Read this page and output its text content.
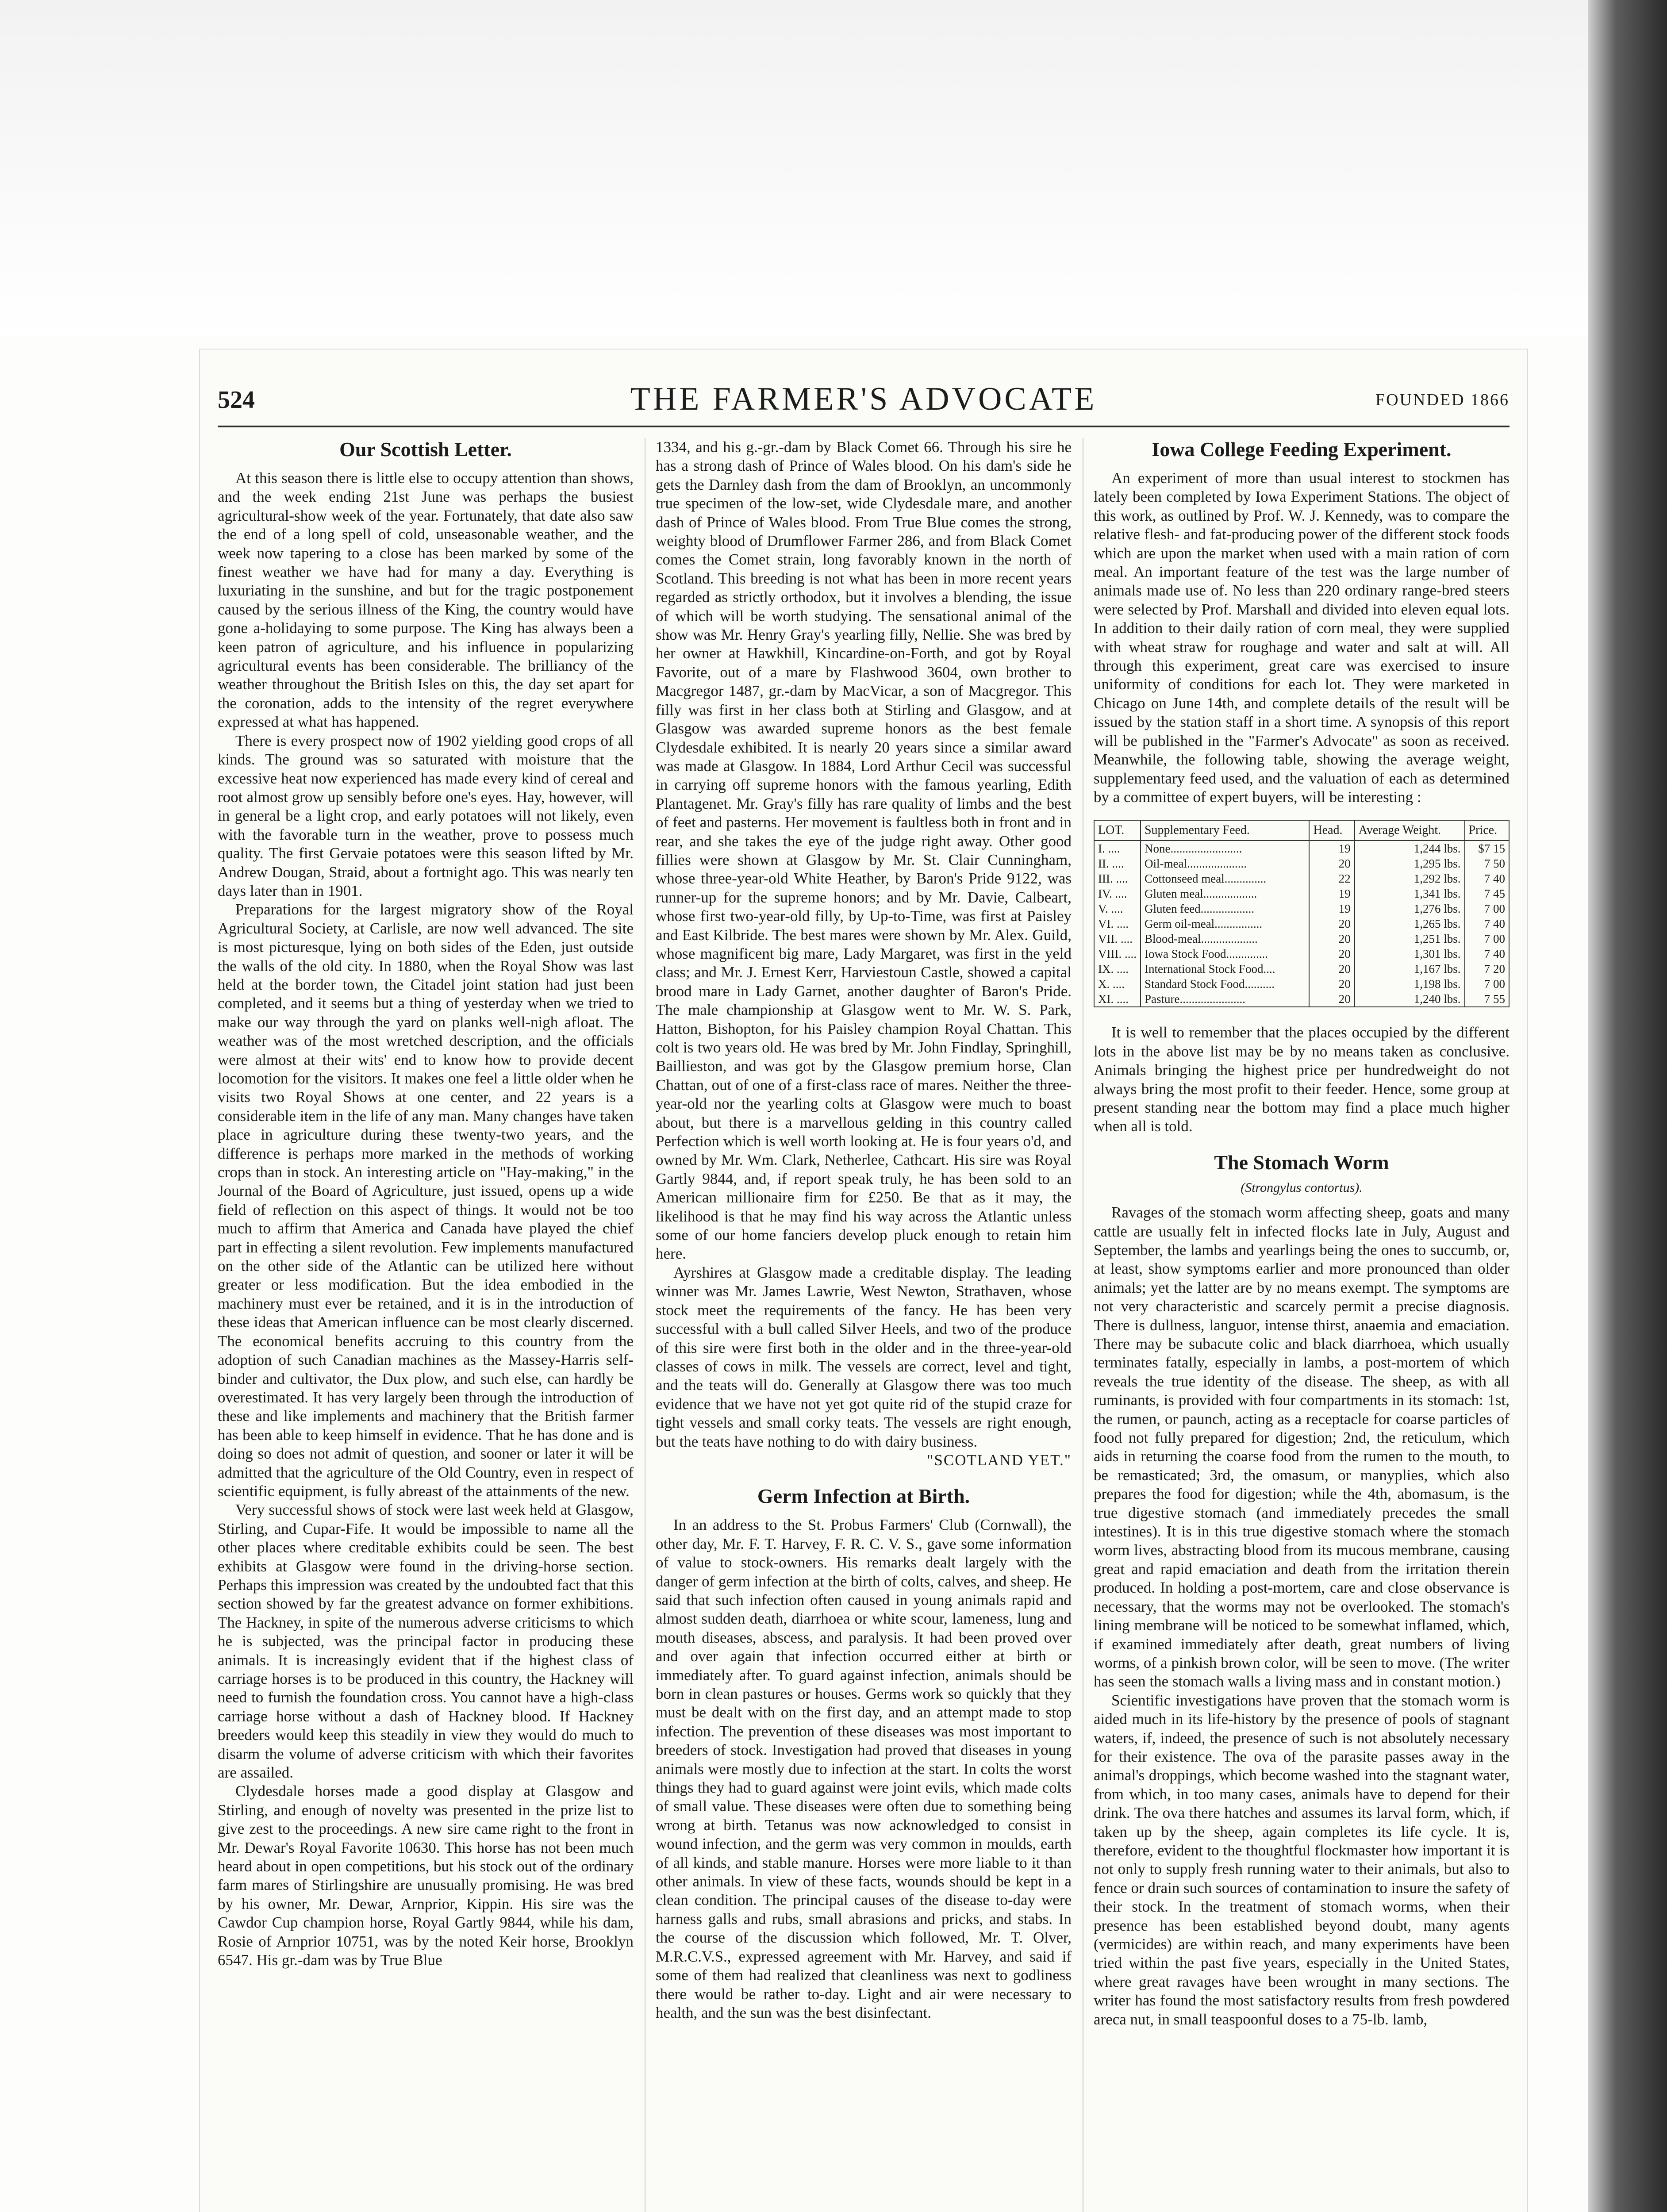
524	THE FARMER'S ADVOCATE	FOUNDED 1866
Our Scottish Letter.

At this season there is little else to occupy attention than shows, and the week ending 21st June was perhaps the busiest agricultural-show week of the year. Fortunately, that date also saw the end of a long spell of cold, unseasonable weather, and the week now tapering to a close has been marked by some of the finest weather we have had for many a day. Everything is luxuriating in the sunshine, and but for the tragic postponement caused by the serious illness of the King, the country would have gone a-holidaying to some purpose. The King has always been a keen patron of agriculture, and his influence in popularizing agricultural events has been considerable. The brilliancy of the weather throughout the British Isles on this, the day set apart for the coronation, adds to the intensity of the regret everywhere expressed at what has happened.

There is every prospect now of 1902 yielding good crops of all kinds. The ground was so saturated with moisture that the excessive heat now experienced has made every kind of cereal and root almost grow up sensibly before one's eyes. Hay, however, will in general be a light crop, and early potatoes will not likely, even with the favorable turn in the weather, prove to possess much quality. The first Gervaie potatoes were this season lifted by Mr. Andrew Dougan, Straid, about a fortnight ago. This was nearly ten days later than in 1901.

Preparations for the largest migratory show of the Royal Agricultural Society, at Carlisle, are now well advanced. The site is most picturesque, lying on both sides of the Eden, just outside the walls of the old city. In 1880, when the Royal Show was last held at the border town, the Citadel joint station had just been completed, and it seems but a thing of yesterday when we tried to make our way through the yard on planks well-nigh afloat. The weather was of the most wretched description, and the officials were almost at their wits' end to know how to provide decent locomotion for the visitors. It makes one feel a little older when he visits two Royal Shows at one center, and 22 years is a considerable item in the life of any man. Many changes have taken place in agriculture during these twenty-two years, and the difference is perhaps more marked in the methods of working crops than in stock. An interesting article on "Hay-making," in the Journal of the Board of Agriculture, just issued, opens up a wide field of reflection on this aspect of things. It would not be too much to affirm that America and Canada have played the chief part in effecting a silent revolution. Few implements manufactured on the other side of the Atlantic can be utilized here without greater or less modification. But the idea embodied in the machinery must ever be retained, and it is in the introduction of these ideas that American influence can be most clearly discerned. The economical benefits accruing to this country from the adoption of such Canadian machines as the Massey-Harris self-binder and cultivator, the Dux plow, and such else, can hardly be overestimated. It has very largely been through the introduction of these and like implements and machinery that the British farmer has been able to keep himself in evidence. That he has done and is doing so does not admit of question, and sooner or later it will be admitted that the agriculture of the Old Country, even in respect of scientific equipment, is fully abreast of the attainments of the new.

Very successful shows of stock were last week held at Glasgow, Stirling, and Cupar-Fife. It would be impossible to name all the other places where creditable exhibits could be seen. The best exhibits at Glasgow were found in the driving-horse section. Perhaps this impression was created by the undoubted fact that this section showed by far the greatest advance on former exhibitions. The Hackney, in spite of the numerous adverse criticisms to which he is subjected, was the principal factor in producing these animals. It is increasingly evident that if the highest class of carriage horses is to be produced in this country, the Hackney will need to furnish the foundation cross. You cannot have a high-class carriage horse without a dash of Hackney blood. If Hackney breeders would keep this steadily in view they would do much to disarm the volume of adverse criticism with which their favorites are assailed.

Clydesdale horses made a good display at Glasgow and Stirling, and enough of novelty was presented in the prize list to give zest to the proceedings. A new sire came right to the front in Mr. Dewar's Royal Favorite 10630. This horse has not been much heard about in open competitions, but his stock out of the ordinary farm mares of Stirlingshire are unusually promising. He was bred by his owner, Mr. Dewar, Arnprior, Kippin. His sire was the Cawdor Cup champion horse, Royal Gartly 9844, while his dam, Rosie of Arnprior 10751, was by the noted Keir horse, Brooklyn 6547. His gr.-dam was by True Blue

1334, and his g.-gr.-dam by Black Comet 66. Through his sire he has a strong dash of Prince of Wales blood. On his dam's side he gets the Darnley dash from the dam of Brooklyn, an uncommonly true specimen of the low-set, wide Clydesdale mare, and another dash of Prince of Wales blood. From True Blue comes the strong, weighty blood of Drumflower Farmer 286, and from Black Comet comes the Comet strain, long favorably known in the north of Scotland. This breeding is not what has been in more recent years regarded as strictly orthodox, but it involves a blending, the issue of which will be worth studying. The sensational animal of the show was Mr. Henry Gray's yearling filly, Nellie. She was bred by her owner at Hawkhill, Kincardine-on-Forth, and got by Royal Favorite, out of a mare by Flashwood 3604, own brother to Macgregor 1487, gr.-dam by MacVicar, a son of Macgregor. This filly was first in her class both at Stirling and Glasgow, and at Glasgow was awarded supreme honors as the best female Clydesdale exhibited. It is nearly 20 years since a similar award was made at Glasgow. In 1884, Lord Arthur Cecil was successful in carrying off supreme honors with the famous yearling, Edith Plantagenet. Mr. Gray's filly has rare quality of limbs and the best of feet and pasterns. Her movement is faultless both in front and in rear, and she takes the eye of the judge right away. Other good fillies were shown at Glasgow by Mr. St. Clair Cunningham, whose three-year-old White Heather, by Baron's Pride 9122, was runner-up for the supreme honors; and by Mr. Davie, Calbeart, whose first two-year-old filly, by Up-to-Time, was first at Paisley and East Kilbride. The best mares were shown by Mr. Alex. Guild, whose magnificent big mare, Lady Margaret, was first in the yeld class; and Mr. J. Ernest Kerr, Harviestoun Castle, showed a capital brood mare in Lady Garnet, another daughter of Baron's Pride. The male championship at Glasgow went to Mr. W. S. Park, Hatton, Bishopton, for his Paisley champion Royal Chattan. This colt is two years old. He was bred by Mr. John Findlay, Springhill, Baillieston, and was got by the Glasgow premium horse, Clan Chattan, out of one of a first-class race of mares. Neither the three-year-old nor the yearling colts at Glasgow were much to boast about, but there is a marvellous gelding in this country called Perfection which is well worth looking at. He is four years o'd, and owned by Mr. Wm. Clark, Netherlee, Cathcart. His sire was Royal Gartly 9844, and, if report speak truly, he has been sold to an American millionaire firm for £250. Be that as it may, the likelihood is that he may find his way across the Atlantic unless some of our home fanciers develop pluck enough to retain him here.

Ayrshires at Glasgow made a creditable display. The leading winner was Mr. James Lawrie, West Newton, Strathaven, whose stock meet the requirements of the fancy. He has been very successful with a bull called Silver Heels, and two of the produce of this sire were first both in the older and in the three-year-old classes of cows in milk. The vessels are correct, level and tight, and the teats will do. Generally at Glasgow there was too much evidence that we have not yet got quite rid of the stupid craze for tight vessels and small corky teats. The vessels are right enough, but the teats have nothing to do with dairy business.

"SCOTLAND YET."

Germ Infection at Birth.

In an address to the St. Probus Farmers' Club (Cornwall), the other day, Mr. F. T. Harvey, F. R. C. V. S., gave some information of value to stock-owners. His remarks dealt largely with the danger of germ infection at the birth of colts, calves, and sheep. He said that such infection often caused in young animals rapid and almost sudden death, diarrhoea or white scour, lameness, lung and mouth diseases, abscess, and paralysis. It had been proved over and over again that infection occurred either at birth or immediately after. To guard against infection, animals should be born in clean pastures or houses. Germs work so quickly that they must be dealt with on the first day, and an attempt made to stop infection. The prevention of these diseases was most important to breeders of stock. Investigation had proved that diseases in young animals were mostly due to infection at the start. In colts the worst things they had to guard against were joint evils, which made colts of small value. These diseases were often due to something being wrong at birth. Tetanus was now acknowledged to consist in wound infection, and the germ was very common in moulds, earth of all kinds, and stable manure. Horses were more liable to it than other animals. In view of these facts, wounds should be kept in a clean condition. The principal causes of the disease to-day were harness galls and rubs, small abrasions and pricks, and stabs. In the course of the discussion which followed, Mr. T. Olver, M.R.C.V.S., expressed agreement with Mr. Harvey, and said if some of them had realized that cleanliness was next to godliness there would be rather to-day. Light and air were necessary to health, and the sun was the best disinfectant.

Iowa College Feeding Experiment.

An experiment of more than usual interest to stockmen has lately been completed by Iowa Experiment Stations. The object of this work, as outlined by Prof. W. J. Kennedy, was to compare the relative flesh- and fat-producing power of the different stock foods which are upon the market when used with a main ration of corn meal. An important feature of the test was the large number of animals made use of. No less than 220 ordinary range-bred steers were selected by Prof. Marshall and divided into eleven equal lots. In addition to their daily ration of corn meal, they were supplied with wheat straw for roughage and water and salt at will. All through this experiment, great care was exercised to insure uniformity of conditions for each lot. They were marketed in Chicago on June 14th, and complete details of the result will be issued by the station staff in a short time. A synopsis of this report will be published in the "Farmer's Advocate" as soon as received. Meanwhile, the following table, showing the average weight, supplementary feed used, and the valuation of each as determined by a committee of expert buyers, will be interesting :

LOT.	Supplementary Feed.	Head.	Average Weight.	Price.
I. ....	None........................	19	1,244 lbs.	$7 15
II. ....	Oil-meal....................	20	1,295 lbs.	7 50
III. ....	Cottonseed meal..............	22	1,292 lbs.	7 40
IV. ....	Gluten meal..................	19	1,341 lbs.	7 45
V. ....	Gluten feed..................	19	1,276 lbs.	7 00
VI. ....	Germ oil-meal................	20	1,265 lbs.	7 40
VII. ....	Blood-meal...................	20	1,251 lbs.	7 00
VIII. ....	Iowa Stock Food..............	20	1,301 lbs.	7 40
IX. ....	International Stock Food....	20	1,167 lbs.	7 20
X. ....	Standard Stock Food..........	20	1,198 lbs.	7 00
XI. ....	Pasture......................	20	1,240 lbs.	7 55

It is well to remember that the places occupied by the different lots in the above list may be by no means taken as conclusive. Animals bringing the highest price per hundredweight do not always bring the most profit to their feeder. Hence, some group at present standing near the bottom may find a place much higher when all is told.

The Stomach Worm
(Strongylus contortus).

Ravages of the stomach worm affecting sheep, goats and many cattle are usually felt in infected flocks late in July, August and September, the lambs and yearlings being the ones to succumb, or, at least, show symptoms earlier and more pronounced than older animals; yet the latter are by no means exempt. The symptoms are not very characteristic and scarcely permit a precise diagnosis. There is dullness, languor, intense thirst, anaemia and emaciation. There may be subacute colic and black diarrhoea, which usually terminates fatally, especially in lambs, a post-mortem of which reveals the true identity of the disease. The sheep, as with all ruminants, is provided with four compartments in its stomach: 1st, the rumen, or paunch, acting as a receptacle for coarse particles of food not fully prepared for digestion; 2nd, the reticulum, which aids in returning the coarse food from the rumen to the mouth, to be remasticated; 3rd, the omasum, or manyplies, which also prepares the food for digestion; while the 4th, abomasum, is the true digestive stomach (and immediately precedes the small intestines). It is in this true digestive stomach where the stomach worm lives, abstracting blood from its mucous membrane, causing great and rapid emaciation and death from the irritation therein produced. In holding a post-mortem, care and close observance is necessary, that the worms may not be overlooked. The stomach's lining membrane will be noticed to be somewhat inflamed, which, if examined immediately after death, great numbers of living worms, of a pinkish brown color, will be seen to move. (The writer has seen the stomach walls a living mass and in constant motion.)

Scientific investigations have proven that the stomach worm is aided much in its life-history by the presence of pools of stagnant waters, if, indeed, the presence of such is not absolutely necessary for their existence. The ova of the parasite passes away in the animal's droppings, which become washed into the stagnant water, from which, in too many cases, animals have to depend for their drink. The ova there hatches and assumes its larval form, which, if taken up by the sheep, again completes its life cycle. It is, therefore, evident to the thoughtful flockmaster how important it is not only to supply fresh running water to their animals, but also to fence or drain such sources of contamination to insure the safety of their stock. In the treatment of stomach worms, when their presence has been established beyond doubt, many agents (vermicides) are within reach, and many experiments have been tried within the past five years, especially in the United States, where great ravages have been wrought in many sections. The writer has found the most satisfactory results from fresh powdered areca nut, in small teaspoonful doses to a 75-lb. lamb,
